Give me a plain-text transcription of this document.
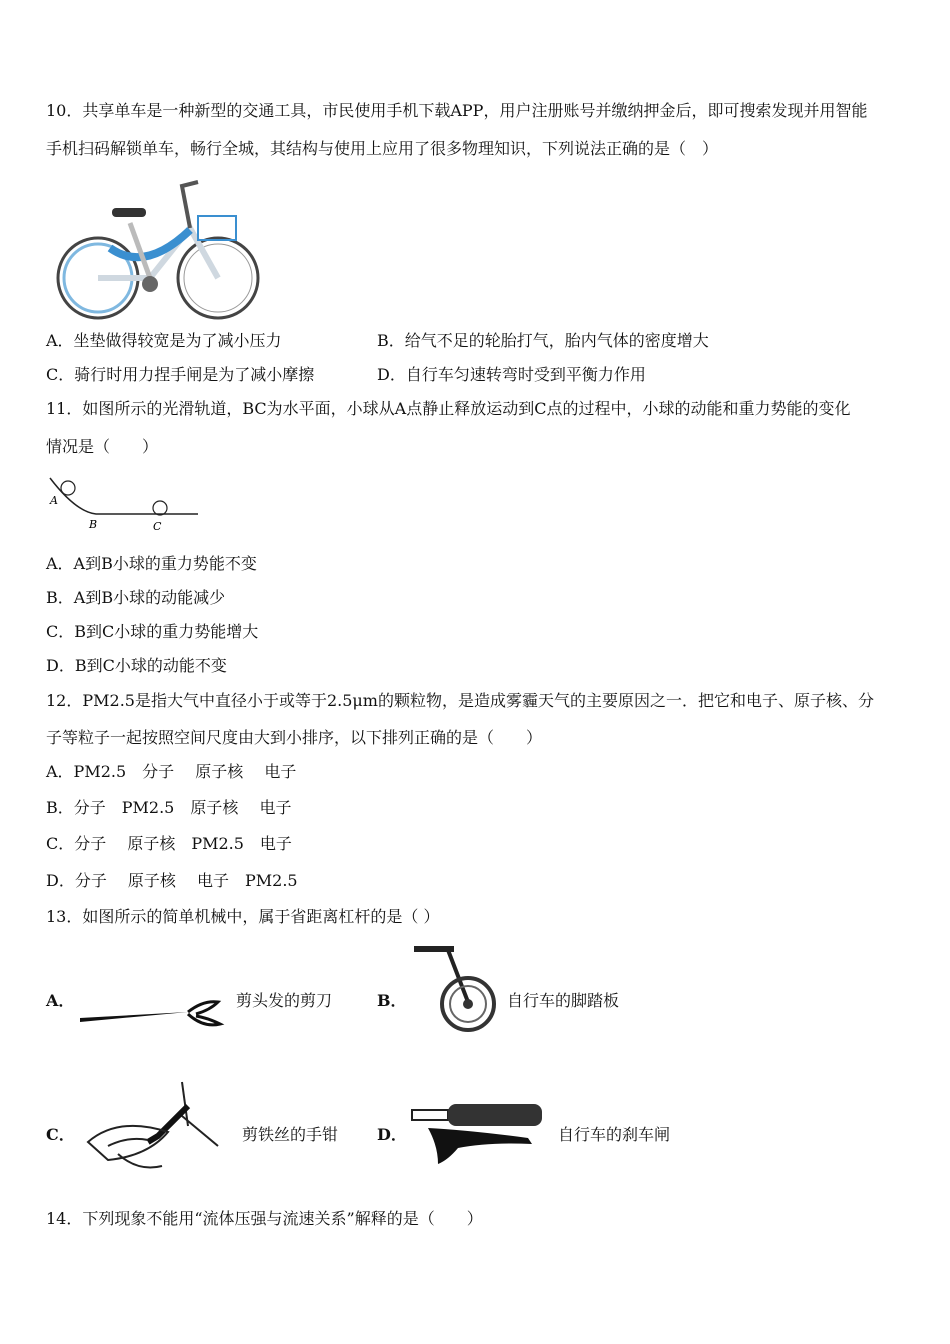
10．共享单车是一种新型的交通工具，市民使用手机下载APP，用户注册账号并缴纳押金后，即可搜索发现并用智能
手机扫码解锁单车，畅行全城，其结构与使用上应用了很多物理知识，下列说法正确的是（　）
A．坐垫做得较宽是为了减小压力	B．给气不足的轮胎打气，胎内气体的密度增大
C．骑行时用力捏手闸是为了减小摩擦	D．自行车匀速转弯时受到平衡力作用
11．如图所示的光滑轨道，BC为水平面，小球从A点静止释放运动到C点的过程中，小球的动能和重力势能的变化
情况是（　　）
A
B	C
A．A到B小球的重力势能不变
B．A到B小球的动能减少
C．B到C小球的重力势能增大
D．B到C小球的动能不变
12．PM2.5是指大气中直径小于或等于2.5μm的颗粒物，是造成雾霾天气的主要原因之一．把它和电子、原子核、分
子等粒子一起按照空间尺度由大到小排序，以下排列正确的是（　　）
A．PM2.5　分子　 原子核　 电子
B．分子　PM2.5　原子核　 电子
C．分子　 原子核　PM2.5　电子
D．分子　 原子核　 电子　PM2.5
13．如图所示的简单机械中，属于省距离杠杆的是（ ）
A．	剪头发的剪刀	B．	自行车的脚踏板
C．	剪铁丝的手钳 D．	自行车的刹车闸
14．下列现象不能用“流体压强与流速关系”解释的是（　　）
